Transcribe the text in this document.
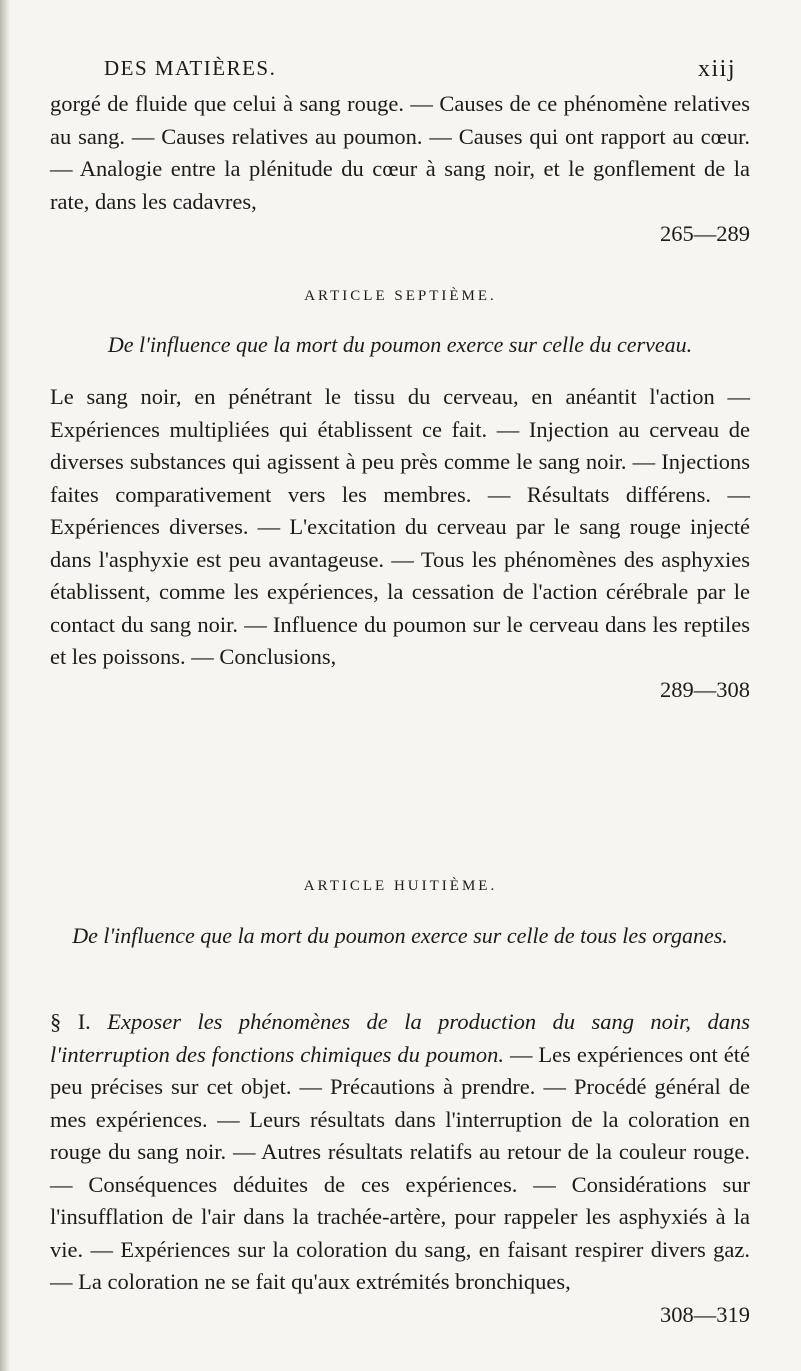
DES MATIÈRES.	xiij
gorgé de fluide que celui à sang rouge. — Causes de ce phénomène relatives au sang. — Causes relatives au poumon. — Causes qui ont rapport au cœur. — Analogie entre la plénitude du cœur à sang noir, et le gonflement de la rate, dans les cadavres,
265—289
ARTICLE SEPTIÈME.
De l'influence que la mort du poumon exerce sur celle du cerveau.
Le sang noir, en pénétrant le tissu du cerveau, en anéantit l'action — Expériences multipliées qui établissent ce fait. — Injection au cerveau de diverses substances qui agissent à peu près comme le sang noir. — Injections faites comparativement vers les membres. — Résultats différens. — Expériences diverses. — L'excitation du cerveau par le sang rouge injecté dans l'asphyxie est peu avantageuse. — Tous les phénomènes des asphyxies établissent, comme les expériences, la cessation de l'action cérébrale par le contact du sang noir. — Influence du poumon sur le cerveau dans les reptiles et les poissons. — Conclusions,
289—308
ARTICLE HUITIÈME.
De l'influence que la mort du poumon exerce sur celle de tous les organes.
§ I. Exposer les phénomènes de la production du sang noir, dans l'interruption des fonctions chimiques du poumon. — Les expériences ont été peu précises sur cet objet. — Précautions à prendre. — Procédé général de mes expériences. — Leurs résultats dans l'interruption de la coloration en rouge du sang noir. — Autres résultats relatifs au retour de la couleur rouge. — Conséquences déduites de ces expériences. — Considérations sur l'insufflation de l'air dans la trachée-artère, pour rappeler les asphyxiés à la vie. — Expériences sur la coloration du sang, en faisant respirer divers gaz. — La coloration ne se fait qu'aux extrémités bronchiques,
308—319
